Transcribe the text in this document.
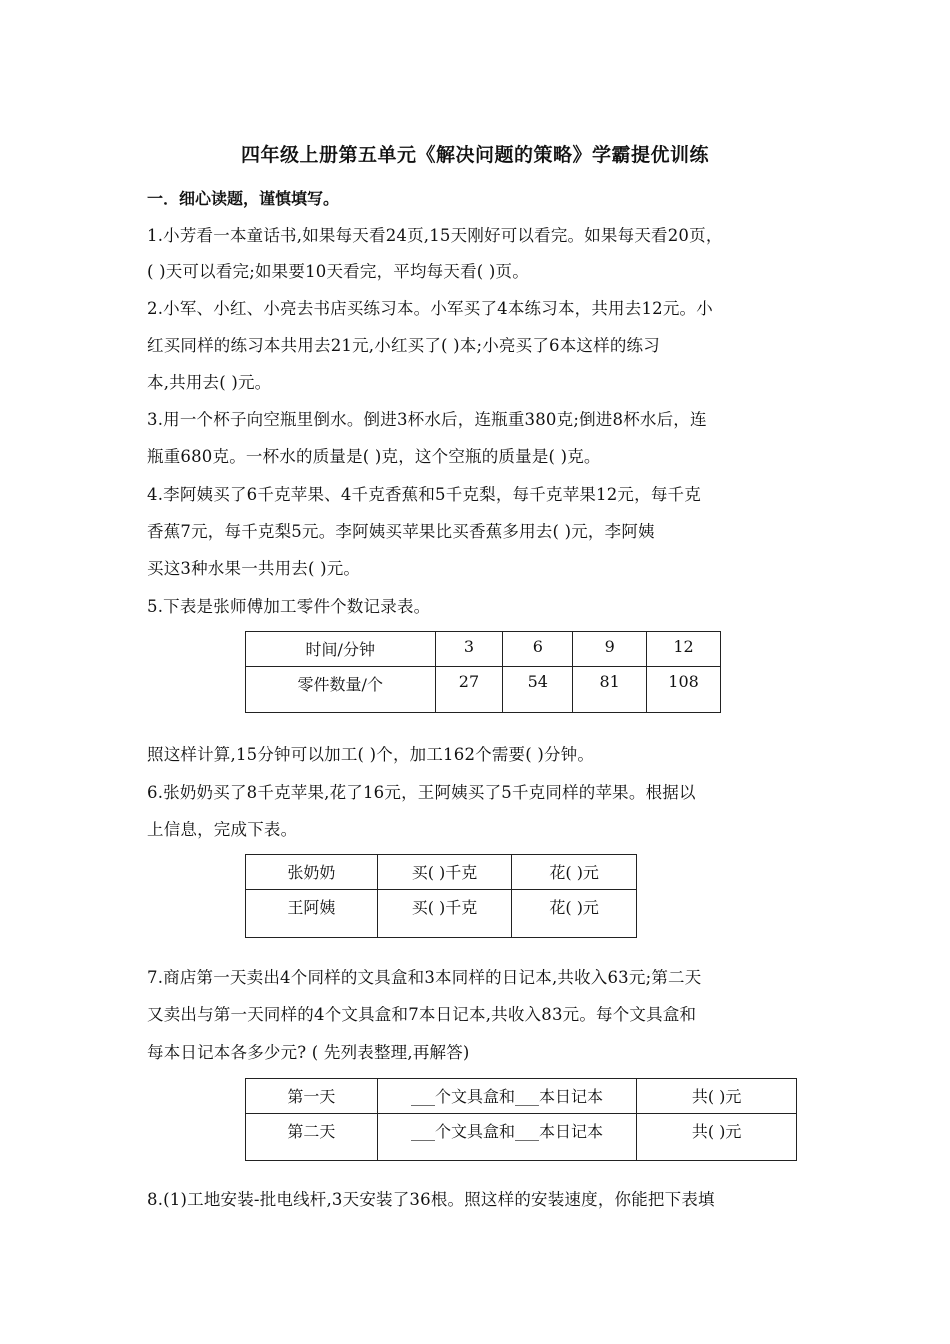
四年级上册第五单元《解决问题的策略》学霸提优训练
一．细心读题，谨慎填写。
1.小芳看一本童话书,如果每天看24页,15天刚好可以看完。如果每天看20页，
( )天可以看完;如果要10天看完，平均每天看( )页。
2.小军、小红、小亮去书店买练习本。小军买了4本练习本，共用去12元。小
红买同样的练习本共用去21元,小红买了( )本;小亮买了6本这样的练习
本,共用去( )元。
3.用一个杯子向空瓶里倒水。倒进3杯水后，连瓶重380克;倒进8杯水后，连
瓶重680克。一杯水的质量是( )克，这个空瓶的质量是( )克。
4.李阿姨买了6千克苹果、4千克香蕉和5千克梨，每千克苹果12元，每千克
香蕉7元，每千克梨5元。李阿姨买苹果比买香蕉多用去( )元，李阿姨
买这3种水果一共用去( )元。
5.下表是张师傅加工零件个数记录表。
时间/分钟	3	6	9	12
零件数量/个	27	54	81	108
照这样计算,15分钟可以加工( )个，加工162个需要( )分钟。
6.张奶奶买了8千克苹果,花了16元，王阿姨买了5千克同样的苹果。根据以
上信息，完成下表。
张奶奶	买( )千克	花( )元
王阿姨	买( )千克	花( )元
7.商店第一天卖出4个同样的文具盒和3本同样的日记本,共收入63元;第二天
又卖出与第一天同样的4个文具盒和7本日记本,共收入83元。每个文具盒和
每本日记本各多少元? ( 先列表整理,再解答)
第一天	___个文具盒和___本日记本	共( )元
第二天	___个文具盒和___本日记本	共( )元
8.(1)工地安装-批电线杆,3天安装了36根。照这样的安装速度，你能把下表填
